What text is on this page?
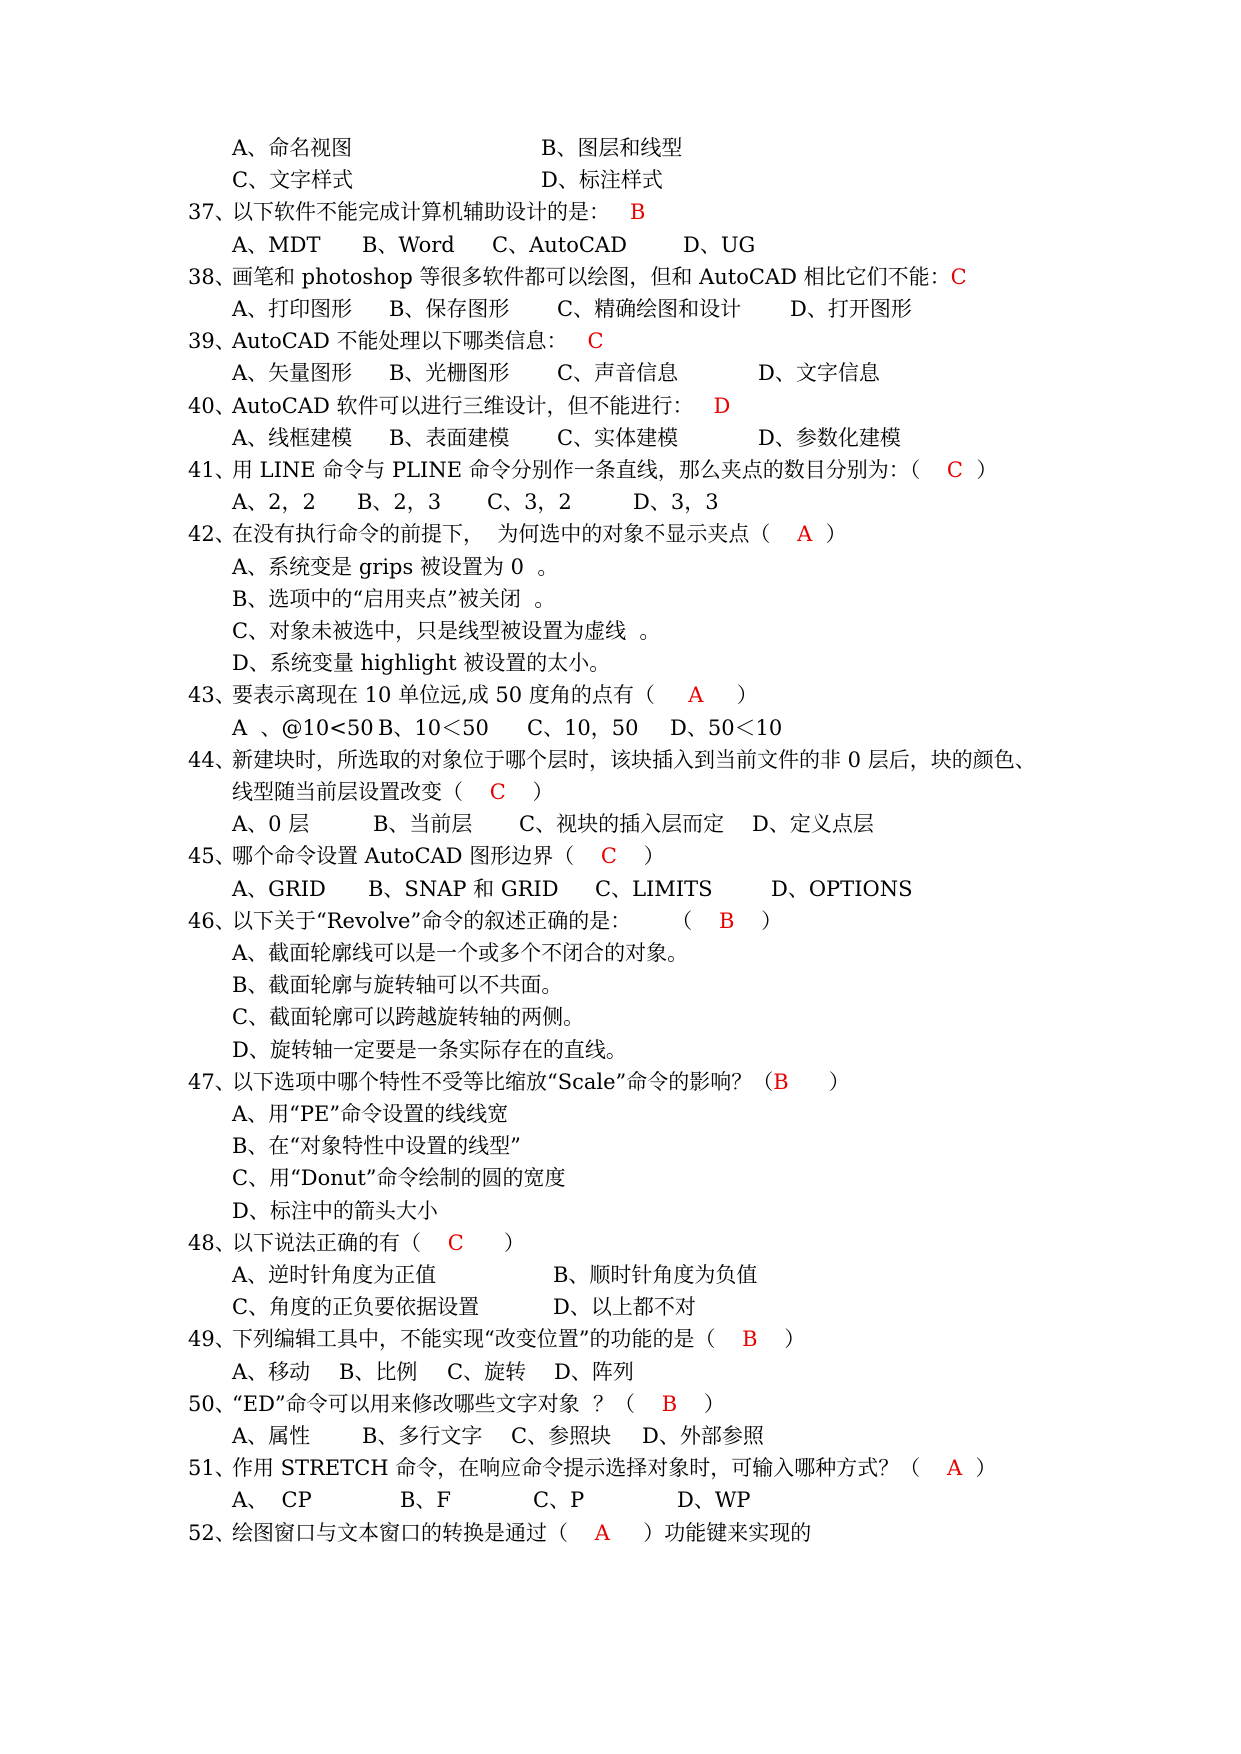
A、命名视图	B、图层和线型
C、文字样式	D、标注样式
37、
以下软件不能完成计算机辅助设计的是：   B
A、MDT B、Word C、AutoCAD	D、UG
38、
画笔和 photoshop 等很多软件都可以绘图，但和 AutoCAD 相比它们不能：C
A、打印图形 B、保存图形 C、精确绘图和设计 D、打开图形
39、
AutoCAD 不能处理以下哪类信息：   C
A、矢量图形 B、光栅图形 C、声音信息	D、文字信息
40、
AutoCAD 软件可以进行三维设计，但不能进行：   D
A、线框建模 B、表面建模 C、实体建模	D、参数化建模
41、
用 LINE 命令与 PLINE 命令分别作一条直线，那么夹点的数目分别为：（    C  ）
A、2，2 B、2，3 C、3，2	D、3，3
42、
在没有执行命令的前提下，  为何选中的对象不显示夹点（    A  ）
A、系统变是 grips 被设置为 0  。
B、选项中的“启用夹点”被关闭  。
C、对象未被选中，只是线型被设置为虚线  。
D、系统变量 highlight 被设置的太小。
43、
要表示离现在 10 单位远,成 50 度角的点有（     A     ）
A  、@10<50 B、10＜50 C、10，50 D、50＜10
44、
新建块时，所选取的对象位于哪个层时，该块插入到当前文件的非 0 层后，块的颜色、
线型随当前层设置改变（    C    ）
A、0 层	B、当前层 C、视块的插入层而定 D、定义点层
45、
哪个命令设置 AutoCAD 图形边界（    C    ）
A、GRID B、SNAP 和 GRID C、LIMITS	D、OPTIONS
46、
以下关于“Revolve”命令的叙述正确的是：      （    B    ）
A、截面轮廓线可以是一个或多个不闭合的对象。
B、截面轮廓与旋转轴可以不共面。
C、截面轮廓可以跨越旋转轴的两侧。
D、旋转轴一定要是一条实际存在的直线。
47、
以下选项中哪个特性不受等比缩放“Scale”命令的影响？（B      ）
A、用“PE”命令设置的线线宽
B、在“对象特性中设置的线型”
C、用“Donut”命令绘制的圆的宽度
D、标注中的箭头大小
48、
以下说法正确的有（    C      ）
A、逆时针角度为正值	B、顺时针角度为负值
C、角度的正负要依据设置	D、以上都不对
49、
下列编辑工具中，不能实现“改变位置”的功能的是（    B    ）
A、移动 B、比例 C、旋转 D、阵列
50、
“ED”命令可以用来修改哪些文字对象  ？（    B    ）
A、属性 B、多行文字 C、参照块 D、外部参照
51、
作用 STRETCH 命令，在响应命令提示选择对象时，可输入哪种方式？（    A  ）
A、  CP	B、F	C、P	D、WP
52、
绘图窗口与文本窗口的转换是通过（    A     ）功能键来实现的
